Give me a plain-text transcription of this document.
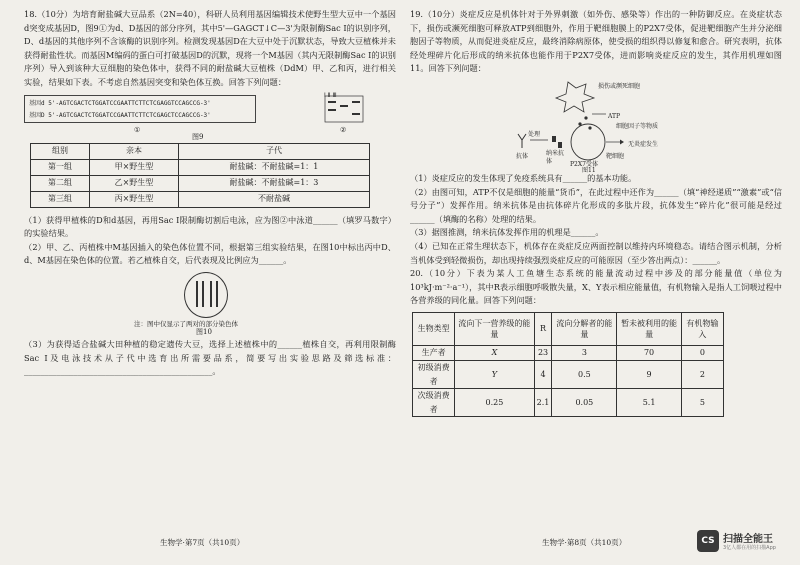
18.（10分）为培育耐盐碱大豆品系（2N=40），科研人员利用基因编辑技术使野生型大豆中一个基因d突变成基因D，图9①为d、D基因的部分序列，其中5'—GAGCT↓C—3'为限制酶Sac Ⅰ的识别序列，D、d基因的其他序列不含该酶的识别序列。检测发现基因D在大豆中处于沉默状态，导致大豆植株并未获得耐盐性状。而基因M编码的蛋白可打破基因D的沉默，现将一个M基因（其内无限制酶Sac Ⅰ的识别序列）导入到该种大豆细胞的染色体中，获得不同的耐盐碱大豆植株（DdM）甲、乙和丙，进行相关实验，结果如下表。不考虑自然基因突变和染色体互换。回答下列问题：

基因d 5'-AGTCGACTCTGGATCCGAATTCTTCTCGAGGTCCAGCCG-3'
基因D 5'-AGTCGACTCTGGATCCGAATTCTTCTCGAGCTCCAGCCG-3'
Ⅰ Ⅱ Ⅲ
①	②
图9
组别	亲本	子代
第一组	甲×野生型	耐盐碱：不耐盐碱=1：1
第二组	乙×野生型	耐盐碱：不耐盐碱=1：3
第三组	丙×野生型	不耐盐碱

（1）获得甲植株的D和d基因，再用Sac Ⅰ限制酶切割后电泳，应为图②中泳道______（填罗马数字）的实验结果。

（2）甲、乙、丙植株中M基因插入的染色体位置不同，根据第三组实验结果，在图10中标出丙中D、d、M基因在染色体的位置。若乙植株自交，后代表现及比例应为______。

注：图中仅显示了两对的部分染色体
图10

（3）为获得适合盐碱大田种植的稳定遗传大豆，选择上述植株中的______植株自交，再利用限制酶Sac Ⅰ及电泳技术从子代中选育出所需要品系，简要写出实验思路及筛选标准：______________________________________________。

生物学·第7页（共10页）

19.（10分）炎症反应是机体针对于外界刺激（如外伤、感染等）作出的一种防御反应。在炎症状态下，损伤或濒死细胞可释放ATP到细胞外，作用于靶细胞膜上的P2X7受体，促进靶细胞产生并分泌细胞因子等物质，从而促进炎症反应，最终消除病原体，使受损的组织得以修复和愈合。研究表明，抗体经处理碎片化后形成的纳米抗体也能作用于P2X7受体，进而影响炎症反应的发生，其作用机理如图11。回答下列问题：

损伤或濒死细胞
ATP
处理
抗体	纳米抗体
细胞因子等物质
靶细胞
P2X7受体
无炎症发生
图11

（1）炎症反应的发生体现了免疫系统具有______的基本功能。

（2）由图可知，ATP不仅是细胞的能量“货币”，在此过程中还作为______（填“神经递质”“激素”或“信号分子”）发挥作用。纳米抗体是由抗体碎片化形成的多肽片段，抗体发生“碎片化”很可能是经过______（填酶的名称）处理的结果。

（3）据图推测，纳米抗体发挥作用的机理是______。

（4）已知在正常生理状态下，机体存在炎症反应两面控制以维持内环境稳态。请结合图示机制，分析当机体受到轻微损伤，却出现持续强烈炎症反应的可能原因（至少答出两点）：______。

20.（10分）下表为某人工鱼塘生态系统的能量流动过程中涉及的部分能量值（单位为10³kJ·m⁻²·a⁻¹），其中R表示细胞呼吸散失量，X、Y表示相应能量值，有机物输入是指人工饲喂过程中各营养级的同化量。回答下列问题：

生物类型	流向下一营养级的能量	R	流向分解者的能量	暂未被利用的能量	有机物输入
生产者	X	23	3	70	0
初级消费者	Y	4	0.5	9	2
次级消费者	0.25	2.1	0.05	5.1	5
生物学·第8页（共10页）	CS 扫描全能王
3亿人都在用的扫描App
